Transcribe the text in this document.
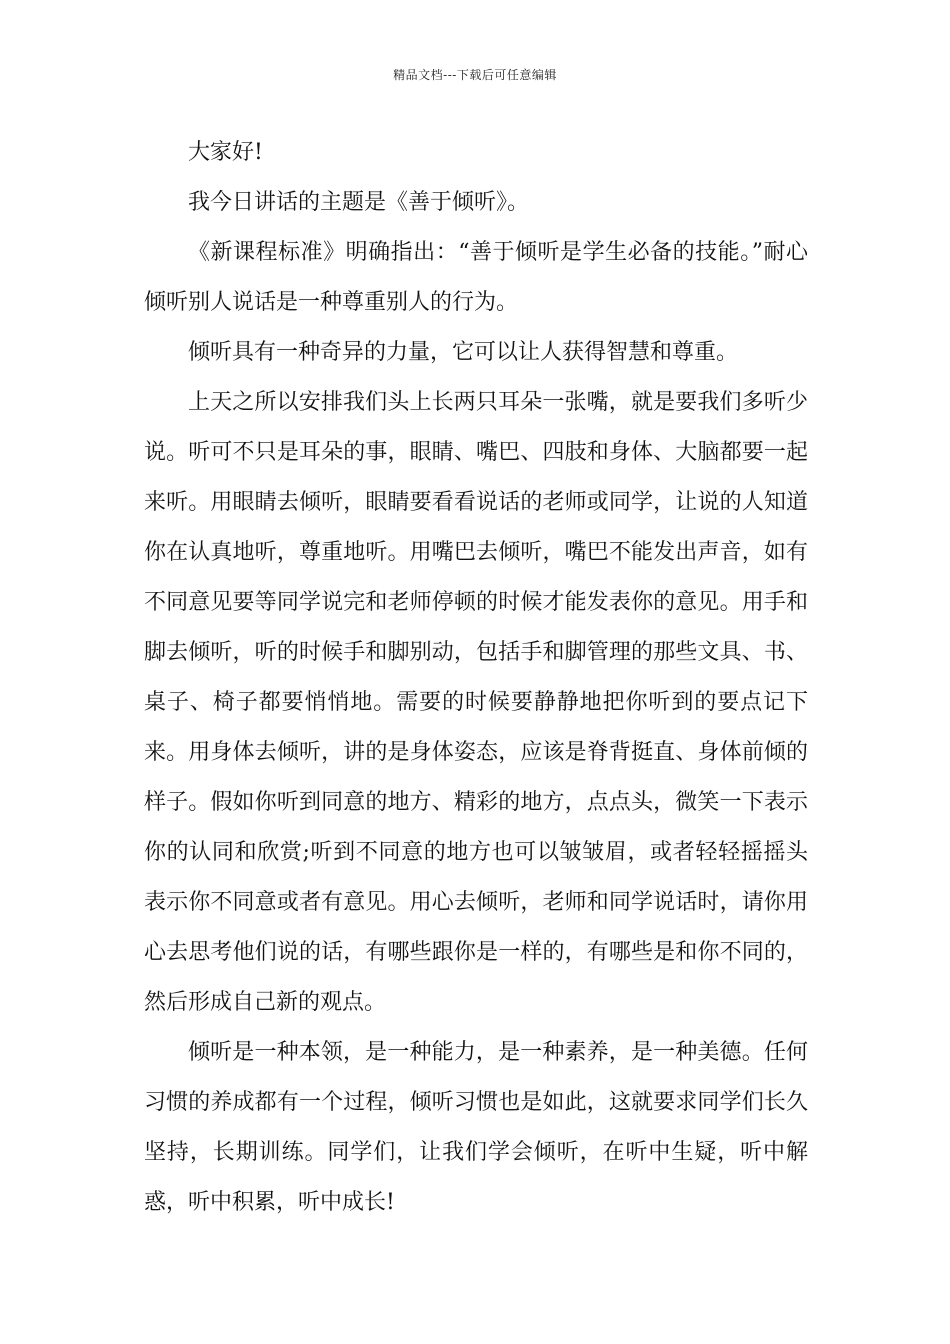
精品文档---下载后可任意编辑

大家好!

我今日讲话的主题是《善于倾听》。

《新课程标准》明确指出：“善于倾听是学生必备的技能。”耐心倾听别人说话是一种尊重别人的行为。

倾听具有一种奇异的力量，它可以让人获得智慧和尊重。

上天之所以安排我们头上长两只耳朵一张嘴，就是要我们多听少说。听可不只是耳朵的事，眼睛、嘴巴、四肢和身体、大脑都要一起来听。用眼睛去倾听，眼睛要看看说话的老师或同学，让说的人知道你在认真地听，尊重地听。用嘴巴去倾听，嘴巴不能发出声音，如有不同意见要等同学说完和老师停顿的时候才能发表你的意见。用手和脚去倾听，听的时候手和脚别动，包括手和脚管理的那些文具、书、桌子、椅子都要悄悄地。需要的时候要静静地把你听到的要点记下来。用身体去倾听，讲的是身体姿态，应该是脊背挺直、身体前倾的样子。假如你听到同意的地方、精彩的地方，点点头，微笑一下表示你的认同和欣赏;听到不同意的地方也可以皱皱眉，或者轻轻摇摇头表示你不同意或者有意见。用心去倾听，老师和同学说话时，请你用心去思考他们说的话，有哪些跟你是一样的，有哪些是和你不同的，然后形成自己新的观点。

倾听是一种本领，是一种能力，是一种素养，是一种美德。任何习惯的养成都有一个过程，倾听习惯也是如此，这就要求同学们长久坚持，长期训练。同学们，让我们学会倾听，在听中生疑，听中解惑，听中积累，听中成长!
